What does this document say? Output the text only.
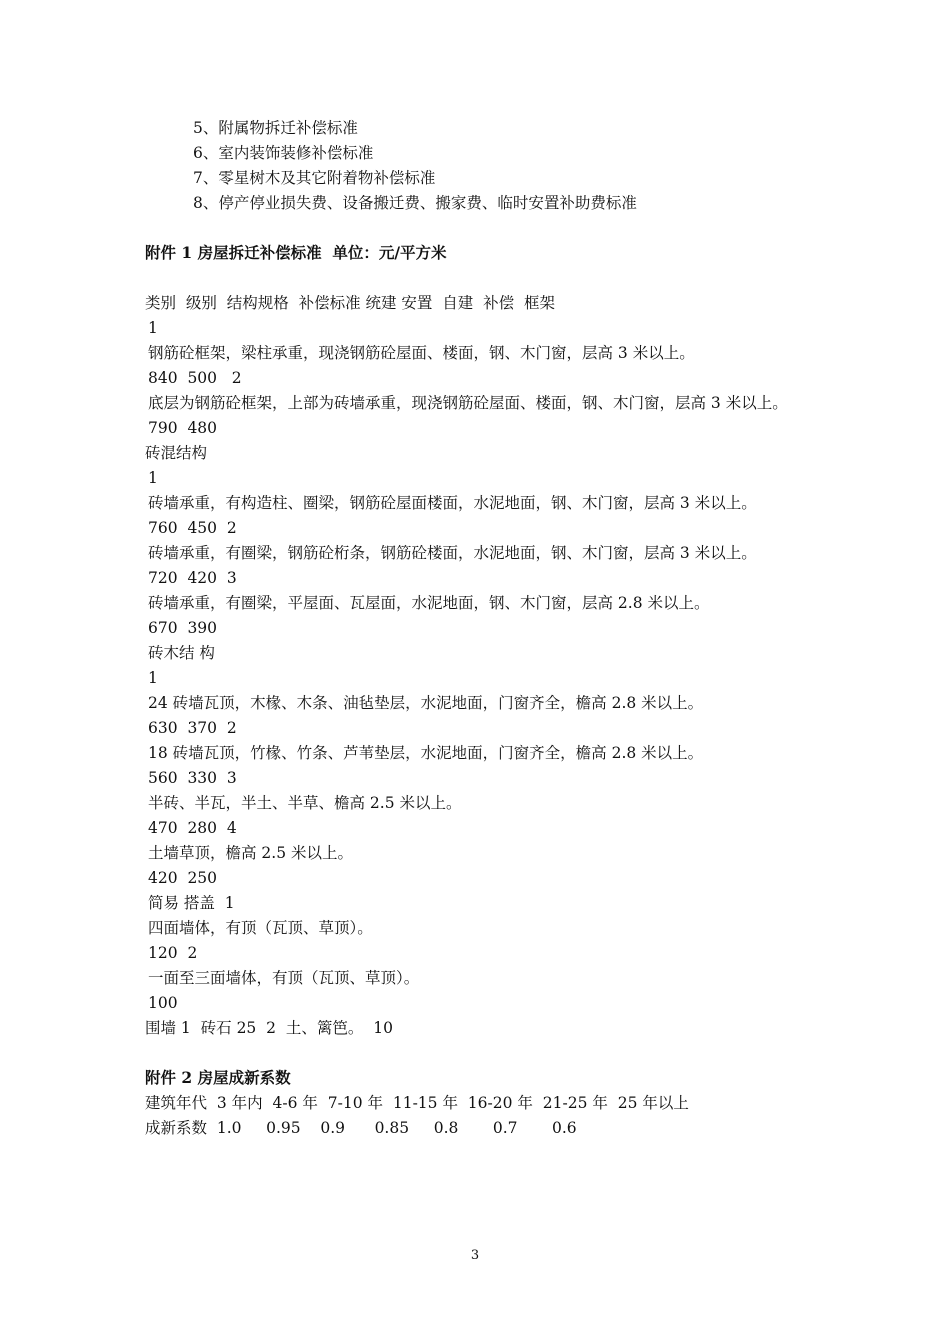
5、附属物拆迁补偿标准
6、室内装饰装修补偿标准
7、零星树木及其它附着物补偿标准
8、停产停业损失费、设备搬迁费、搬家费、临时安置补助费标准
附件 1 房屋拆迁补偿标准  单位：元/平方米
类别  级别  结构规格  补偿标准 统建 安置  自建  补偿  框架
1
钢筋砼框架，梁柱承重，现浇钢筋砼屋面、楼面，钢、木门窗，层高 3 米以上。
840  500   2
底层为钢筋砼框架，上部为砖墙承重，现浇钢筋砼屋面、楼面，钢、木门窗，层高 3 米以上。
790  480
砖混结构
1
砖墙承重，有构造柱、圈梁，钢筋砼屋面楼面，水泥地面，钢、木门窗，层高 3 米以上。
760  450  2
砖墙承重，有圈梁，钢筋砼桁条，钢筋砼楼面，水泥地面，钢、木门窗，层高 3 米以上。
720  420  3
砖墙承重，有圈梁，平屋面、瓦屋面，水泥地面，钢、木门窗，层高 2.8 米以上。
670  390
砖木结 构
1
24 砖墙瓦顶，木椽、木条、油毡垫层，水泥地面，门窗齐全，檐高 2.8 米以上。
630  370  2
18 砖墙瓦顶，竹椽、竹条、芦苇垫层，水泥地面，门窗齐全，檐高 2.8 米以上。
560  330  3
半砖、半瓦，半土、半草、檐高 2.5 米以上。
470  280  4
土墙草顶，檐高 2.5 米以上。
420  250
简易 搭盖  1
四面墙体，有顶（瓦顶、草顶）。
120  2
一面至三面墙体，有顶（瓦顶、草顶）。
100
围墙 1  砖石 25  2  土、篱笆。  10
附件 2 房屋成新系数
建筑年代  3 年内  4-6 年  7-10 年  11-15 年  16-20 年  21-25 年  25 年以上
成新系数  1.0     0.95    0.9      0.85     0.8       0.7       0.6
3
